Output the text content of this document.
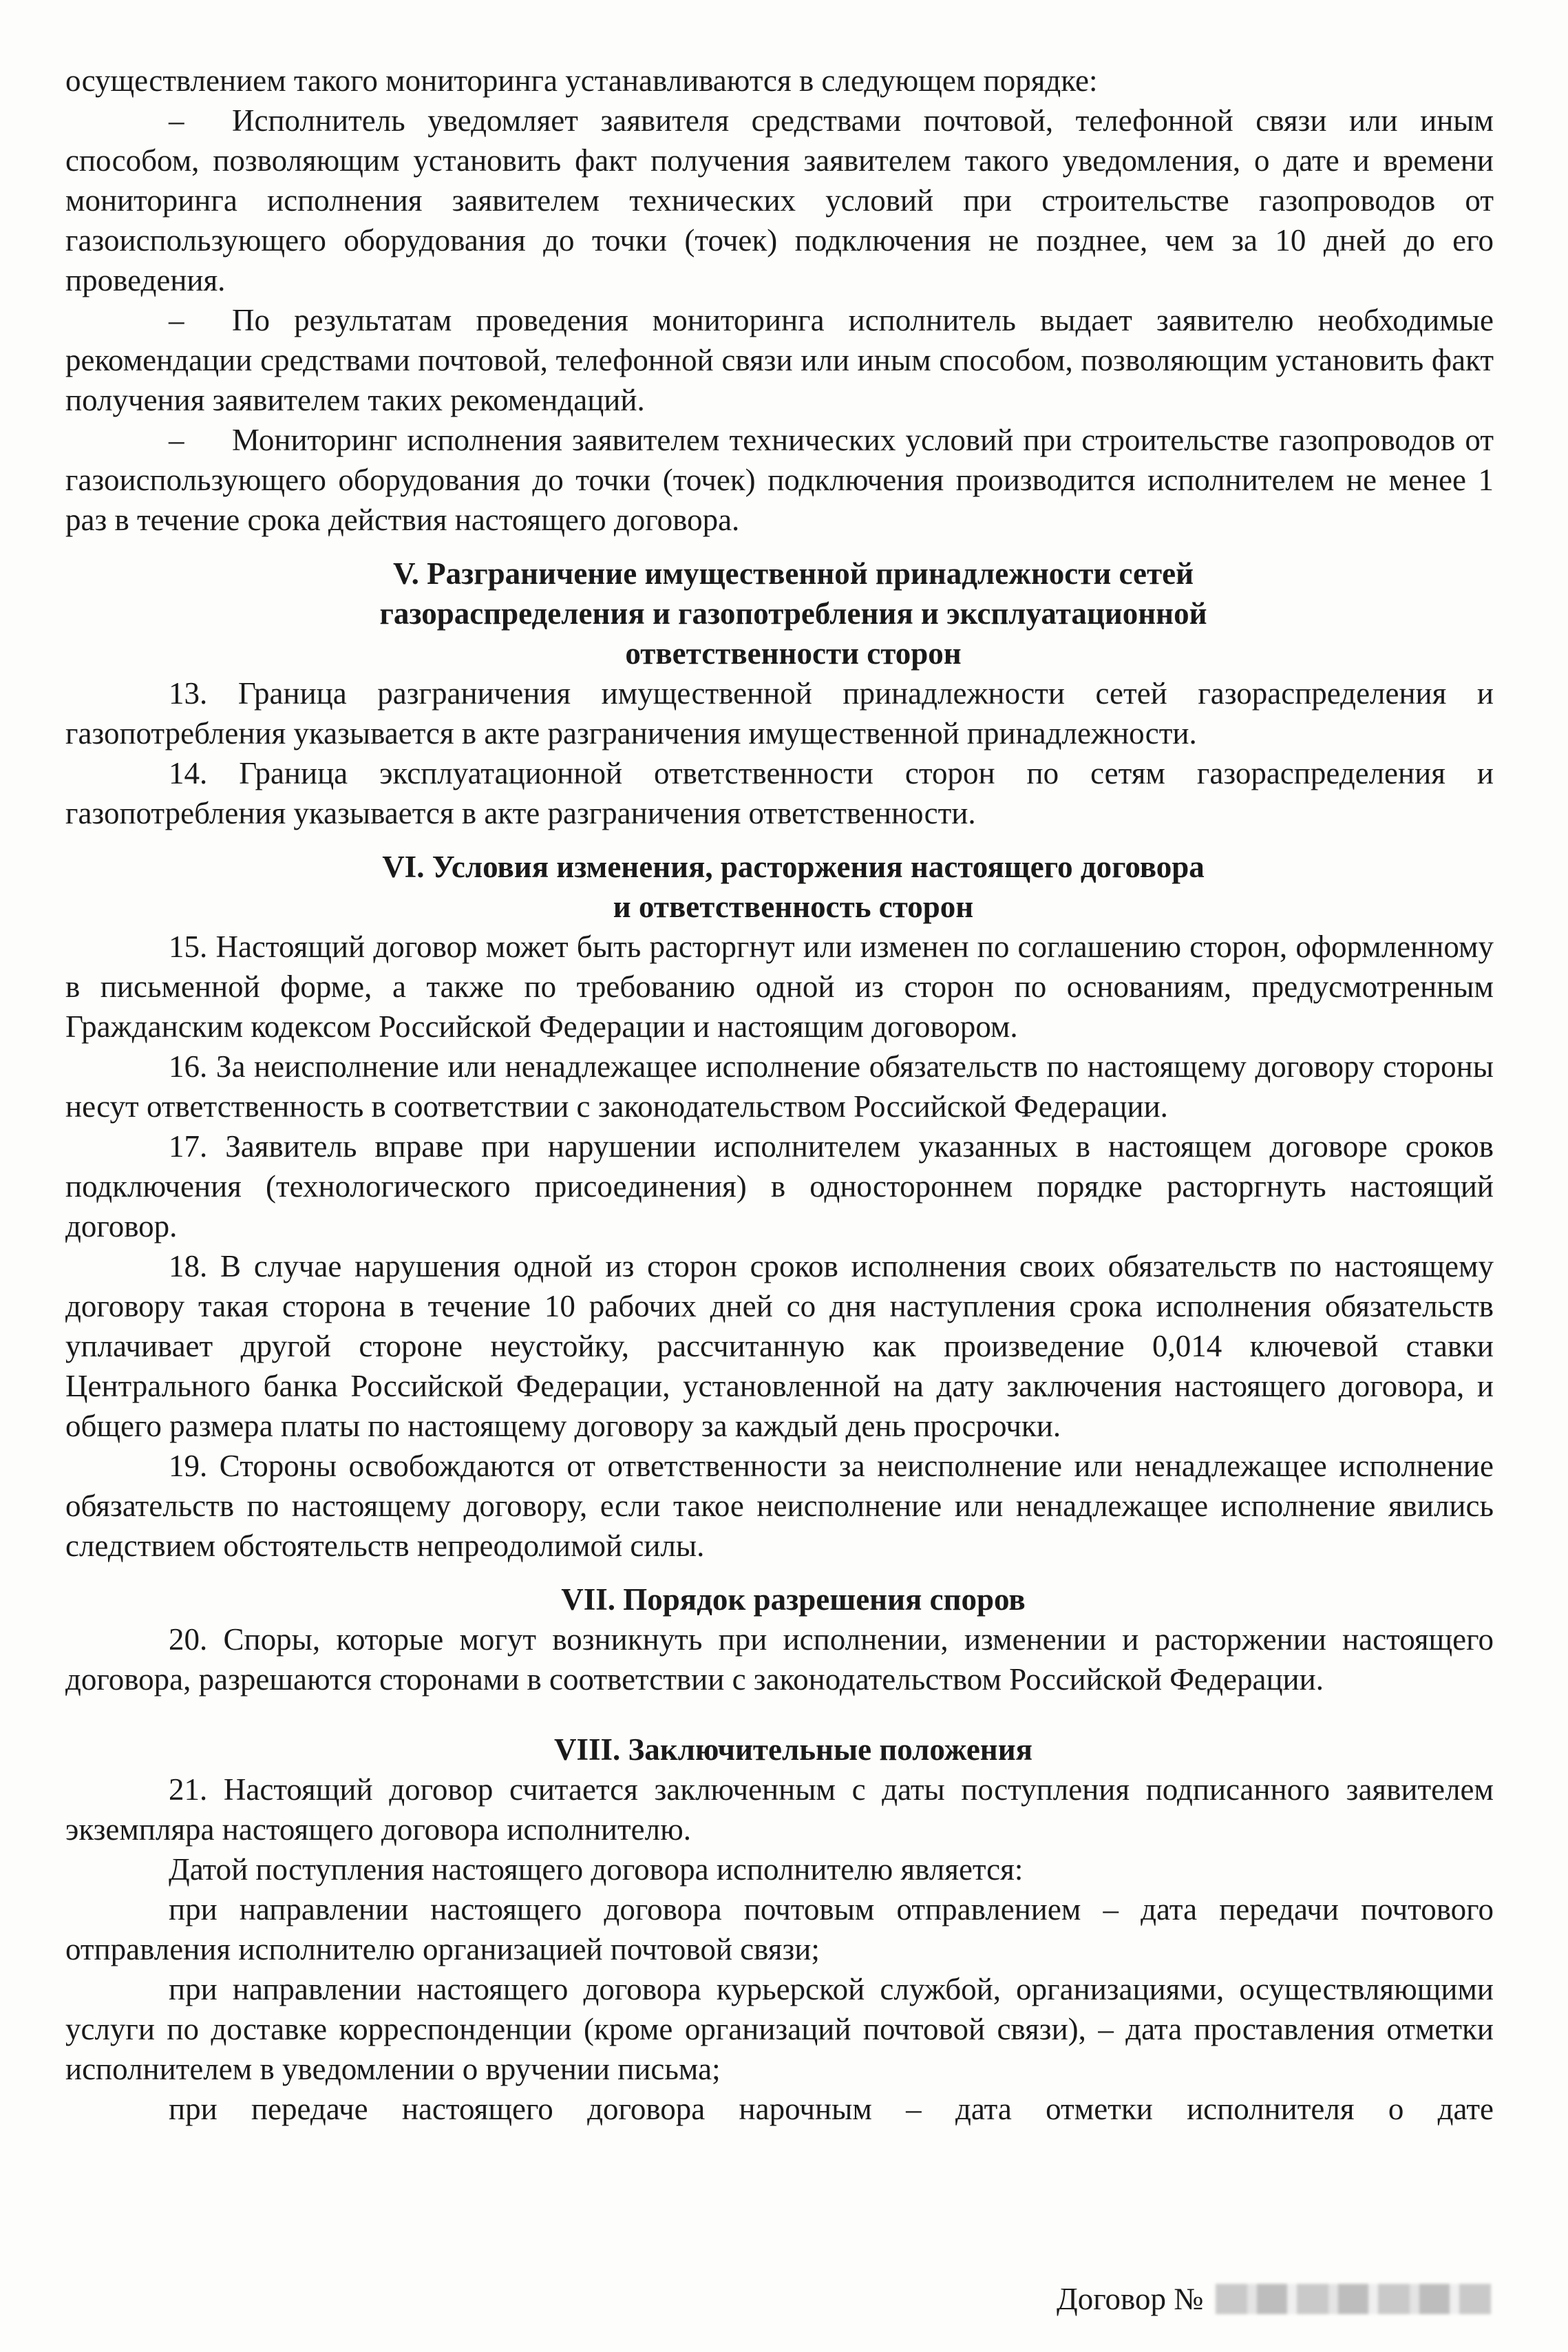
осуществлением такого мониторинга устанавливаются в следующем порядке:

– Исполнитель уведомляет заявителя средствами почтовой, телефонной связи или иным способом, позволяющим установить факт получения заявителем такого уведомления, о дате и времени мониторинга исполнения заявителем технических условий при строительстве газопроводов от газоиспользующего оборудования до точки (точек) подключения не позднее, чем за 10 дней до его проведения.

– По результатам проведения мониторинга исполнитель выдает заявителю необходимые рекомендации средствами почтовой, телефонной связи или иным способом, позволяющим установить факт получения заявителем таких рекомендаций.

– Мониторинг исполнения заявителем технических условий при строительстве газопроводов от газоиспользующего оборудования до точки (точек) подключения производится исполнителем не менее 1 раз в течение срока действия настоящего договора.

V. Разграничение имущественной принадлежности сетей
газораспределения и газопотребления и эксплуатационной
ответственности сторон

13. Граница разграничения имущественной принадлежности сетей газораспределения и газопотребления указывается в акте разграничения имущественной принадлежности.

14. Граница эксплуатационной ответственности сторон по сетям газораспределения и газопотребления указывается в акте разграничения ответственности.

VI. Условия изменения, расторжения настоящего договора
и ответственность сторон

15. Настоящий договор может быть расторгнут или изменен по соглашению сторон, оформленному в письменной форме, а также по требованию одной из сторон по основаниям, предусмотренным Гражданским кодексом Российской Федерации и настоящим договором.

16. За неисполнение или ненадлежащее исполнение обязательств по настоящему договору стороны несут ответственность в соответствии с законодательством Российской Федерации.

17. Заявитель вправе при нарушении исполнителем указанных в настоящем договоре сроков подключения (технологического присоединения) в одностороннем порядке расторгнуть настоящий договор.

18. В случае нарушения одной из сторон сроков исполнения своих обязательств по настоящему договору такая сторона в течение 10 рабочих дней со дня наступления срока исполнения обязательств уплачивает другой стороне неустойку, рассчитанную как произведение 0,014 ключевой ставки Центрального банка Российской Федерации, установленной на дату заключения настоящего договора, и общего размера платы по настоящему договору за каждый день просрочки.

19. Стороны освобождаются от ответственности за неисполнение или ненадлежащее исполнение обязательств по настоящему договору, если такое неисполнение или ненадлежащее исполнение явились следствием обстоятельств непреодолимой силы.

VII. Порядок разрешения споров

20. Споры, которые могут возникнуть при исполнении, изменении и расторжении настоящего договора, разрешаются сторонами в соответствии с законодательством Российской Федерации.

VIII. Заключительные положения

21. Настоящий договор считается заключенным с даты поступления подписанного заявителем экземпляра настоящего договора исполнителю.

Датой поступления настоящего договора исполнителю является:

при направлении настоящего договора почтовым отправлением – дата передачи почтового отправления исполнителю организацией почтовой связи;

при направлении настоящего договора курьерской службой, организациями, осуществляющими услуги по доставке корреспонденции (кроме организаций почтовой связи), – дата проставления отметки исполнителем в уведомлении о вручении письма;

при передаче настоящего договора нарочным – дата отметки исполнителя о дате

Договор №
